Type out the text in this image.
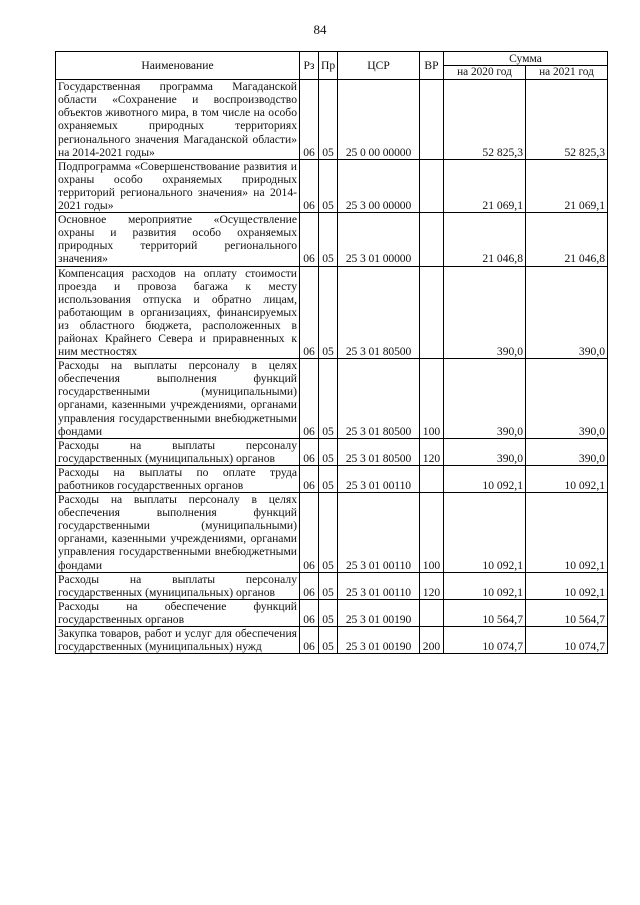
84
Наименование	Рз	Пр	ЦСР	ВР	Сумма	
					на 2020 год	на 2021 год
Государственная программа Магаданской области «Сохранение и воспроизводство объектов животного мира, в том числе на особо охраняемых природных территориях регионального значения Магаданской области» на 2014-2021 годы»	06	05	25 0 00 00000		52 825,3	52 825,3
Подпрограмма «Совершенствование развития и охраны особо охраняемых природных территорий регионального значения» на 2014-2021 годы»	06	05	25 3 00 00000		21 069,1	21 069,1
Основное мероприятие «Осуществление охраны и развития особо охраняемых природных территорий регионального значения»	06	05	25 3 01 00000		21 046,8	21 046,8
Компенсация расходов на оплату стоимости проезда и провоза багажа к месту использования отпуска и обратно лицам, работающим в организациях, финансируемых из областного бюджета, расположенных в районах Крайнего Севера и приравненных к ним местностях	06	05	25 3 01 80500		390,0	390,0
Расходы на выплаты персоналу в целях обеспечения выполнения функций государственными (муниципальными) органами, казенными учреждениями, органами управления государственными внебюджетными фондами	06	05	25 3 01 80500	100	390,0	390,0
Расходы на выплаты персоналу государственных (муниципальных) органов	06	05	25 3 01 80500	120	390,0	390,0
Расходы на выплаты по оплате труда работников государственных органов	06	05	25 3 01 00110		10 092,1	10 092,1
Расходы на выплаты персоналу в целях обеспечения выполнения функций государственными (муниципальными) органами, казенными учреждениями, органами управления государственными внебюджетными фондами	06	05	25 3 01 00110	100	10 092,1	10 092,1
Расходы на выплаты персоналу государственных (муниципальных) органов	06	05	25 3 01 00110	120	10 092,1	10 092,1
Расходы на обеспечение функций государственных органов	06	05	25 3 01 00190		10 564,7	10 564,7
Закупка товаров, работ и услуг для обеспечения государственных (муниципальных) нужд	06	05	25 3 01 00190	200	10 074,7	10 074,7
